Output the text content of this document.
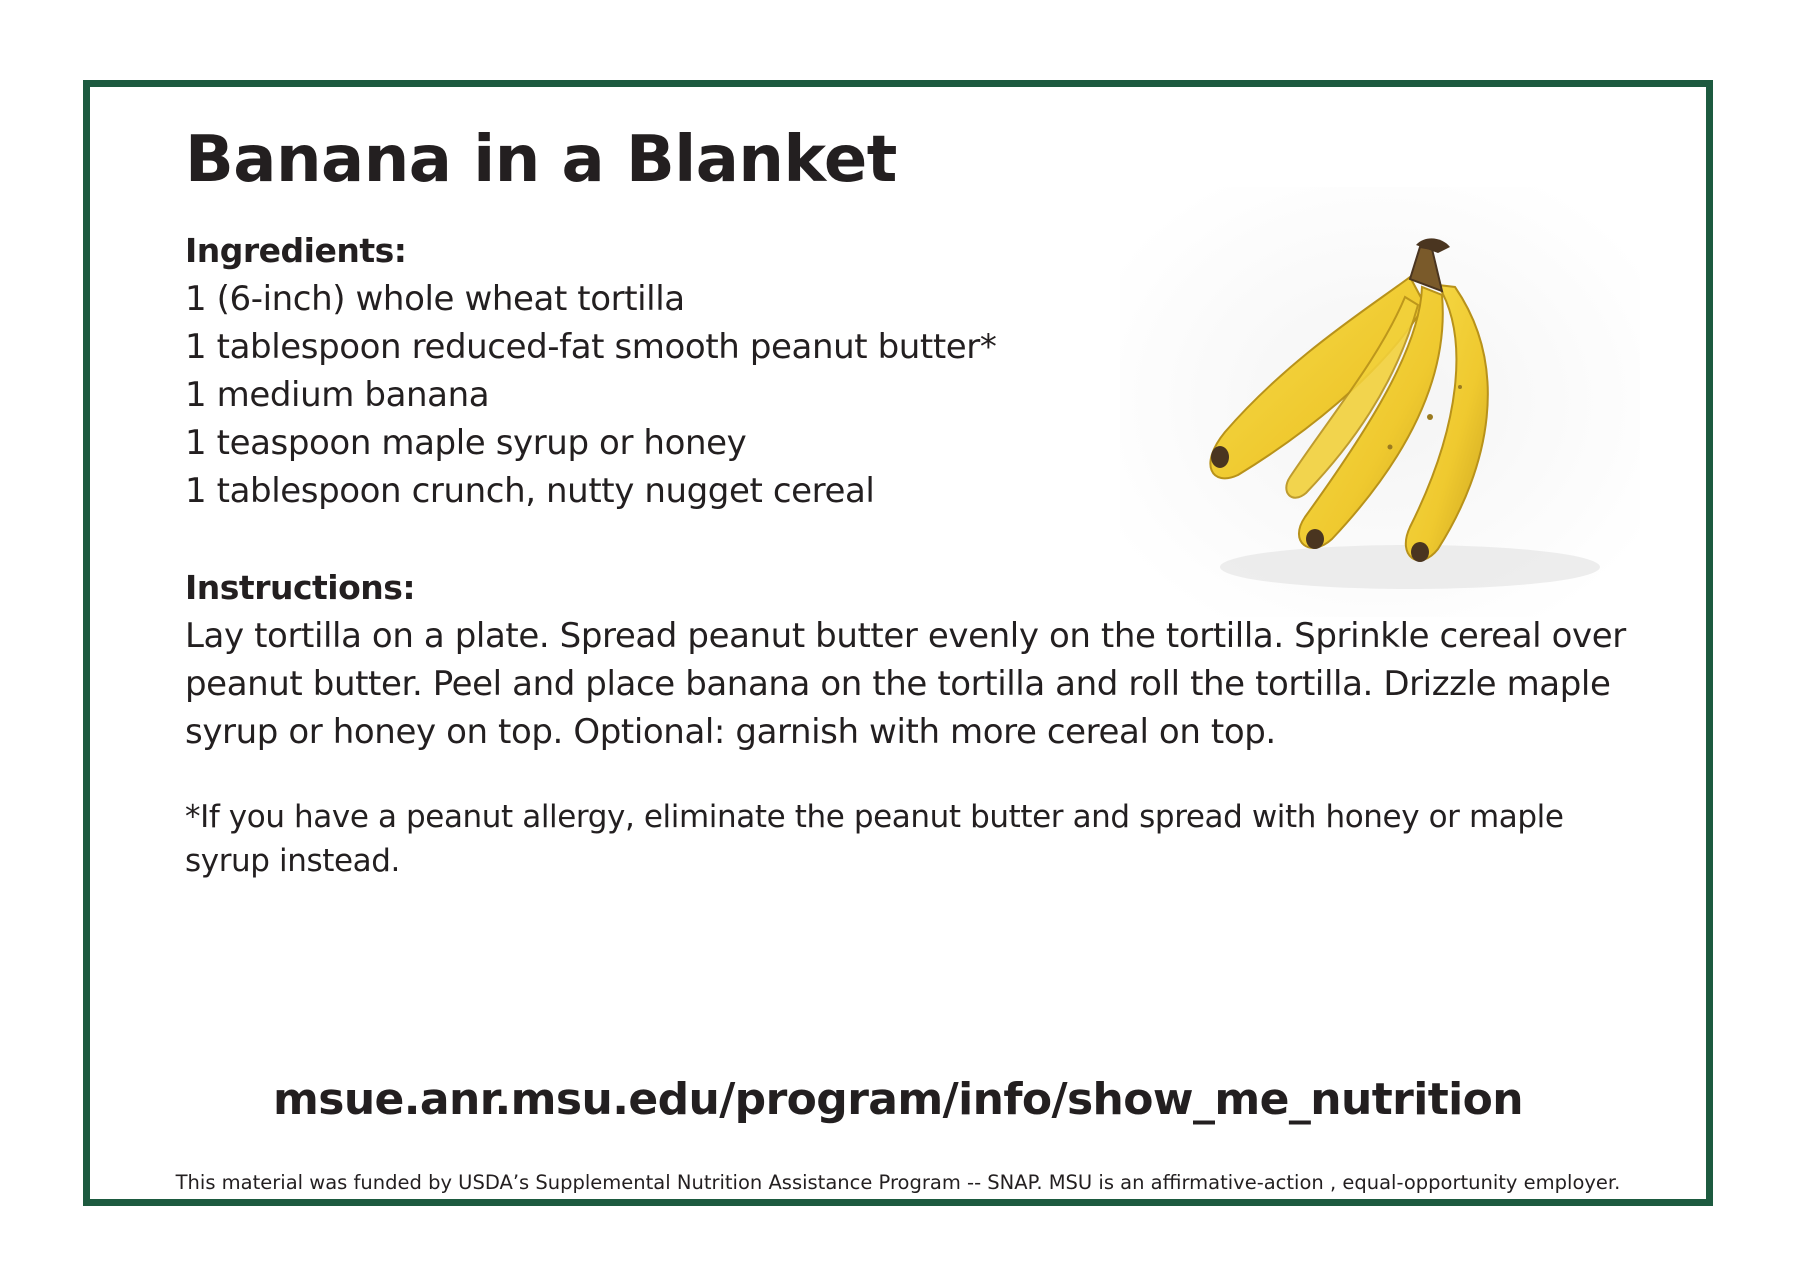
Banana in a Blanket
Ingredients:
1 (6-inch) whole wheat tortilla
1 tablespoon reduced-fat smooth peanut butter*
1 medium banana
1 teaspoon maple syrup or honey
1 tablespoon crunch, nutty nugget cereal
Instructions:

Lay tortilla on a plate. Spread peanut butter evenly on the tortilla. Sprinkle cereal over peanut butter. Peel and place banana on the tortilla and roll the tortilla. Drizzle maple syrup or honey on top. Optional: garnish with more cereal on top.

*If you have a peanut allergy, eliminate the peanut butter and spread with honey or maple syrup instead.

msue.anr.msu.edu/program/info/show_me_nutrition
This material was funded by USDA’s Supplemental Nutrition Assistance Program -- SNAP. MSU is an affirmative-action , equal-opportunity employer.
